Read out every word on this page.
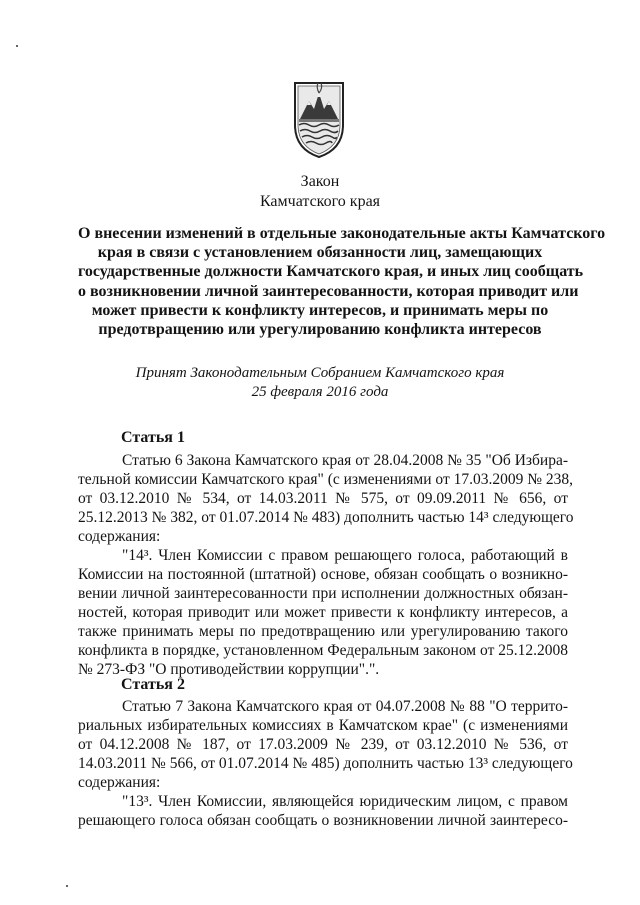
Закон
Камчатского края
О внесении изменений в отдельные законодательные акты Камчатского
края в связи с установлением обязанности лиц, замещающих
государственные должности Камчатского края, и иных лиц сообщать
о возникновении личной заинтересованности, которая приводит или
может привести к конфликту интересов, и принимать меры по
предотвращению или урегулированию конфликта интересов
Принят Законодательным Собранием Камчатского края
25 февраля 2016 года
Статья 1
Статью 6 Закона Камчатского края от 28.04.2008 № 35 "Об Избира-
тельной комиссии Камчатского края" (с изменениями от 17.03.2009 № 238,
от 03.12.2010 № 534, от 14.03.2011 № 575, от 09.09.2011 № 656, от
25.12.2013 № 382, от 01.07.2014 № 483) дополнить частью 14³ следующего
содержания:
"14³. Член Комиссии с правом решающего голоса, работающий в
Комиссии на постоянной (штатной) основе, обязан сообщать о возникно-
вении личной заинтересованности при исполнении должностных обязан-
ностей, которая приводит или может привести к конфликту интересов, а
также принимать меры по предотвращению или урегулированию такого
конфликта в порядке, установленном Федеральным законом от 25.12.2008
№ 273-ФЗ "О противодействии коррупции".".
Статья 2
Статью 7 Закона Камчатского края от 04.07.2008 № 88 "О террито-
риальных избирательных комиссиях в Камчатском крае" (с изменениями
от 04.12.2008 № 187, от 17.03.2009 № 239, от 03.12.2010 № 536, от
14.03.2011 № 566, от 01.07.2014 № 485) дополнить частью 13³ следующего
содержания:
"13³. Член Комиссии, являющейся юридическим лицом, с правом
решающего голоса обязан сообщать о возникновении личной заинтересо-
